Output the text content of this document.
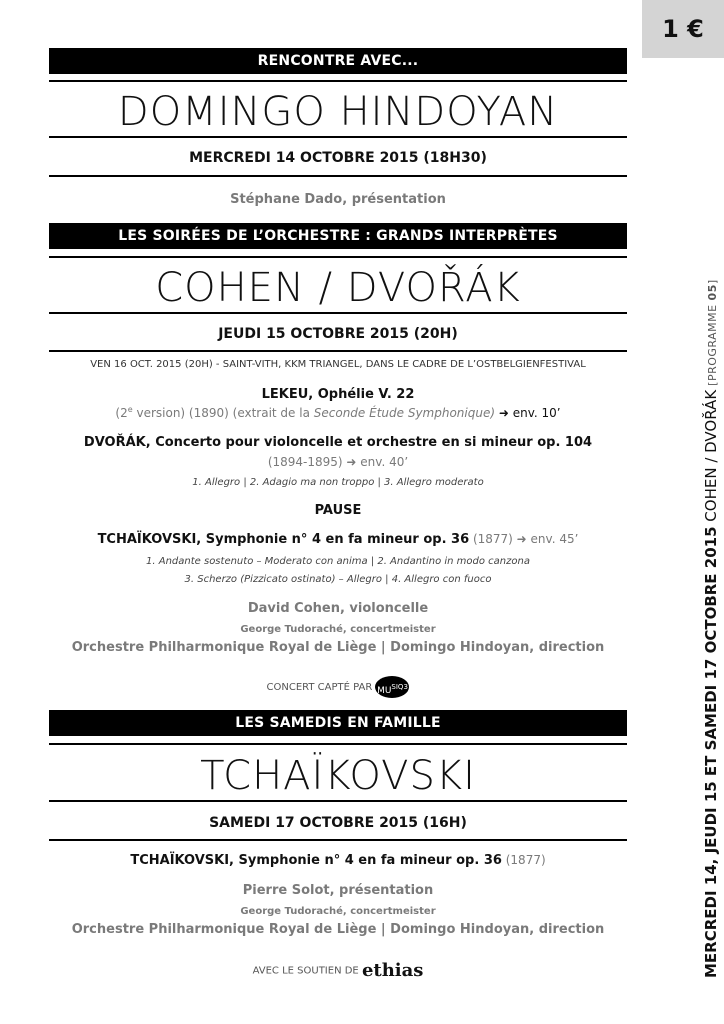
1 €
RENCONTRE AVEC...
DOMINGO HINDOYAN
MERCREDI 14 OCTOBRE 2015 (18H30)
Stéphane Dado, présentation
LES SOIRÉES DE L’ORCHESTRE : GRANDS INTERPRÈTES
COHEN / DVOŘÁK
JEUDI 15 OCTOBRE 2015 (20H)
VEN 16 OCT. 2015 (20H) - SAINT-VITH, KKM TRIANGEL, DANS LE CADRE DE L’OSTBELGIENFESTIVAL
LEKEU, Ophélie V. 22
(2e version) (1890) (extrait de la Seconde Étude Symphonique) ➜ env. 10’
DVOŘÁK, Concerto pour violoncelle et orchestre en si mineur op. 104
(1894-1895) ➜ env. 40’
1. Allegro | 2. Adagio ma non troppo | 3. Allegro moderato
PAUSE
TCHAÏKOVSKI, Symphonie n° 4 en fa mineur op. 36 (1877) ➜ env. 45’
1. Andante sostenuto – Moderato con anima | 2. Andantino in modo canzona
3. Scherzo (Pizzicato ostinato) – Allegro | 4. Allegro con fuoco
David Cohen, violoncelle
George Tudoraché, concertmeister
Orchestre Philharmonique Royal de Liège | Domingo Hindoyan, direction
CONCERT CAPTÉ PAR $MU^{SIQ3}$
LES SAMEDIS EN FAMILLE
TCHAÏKOVSKI
SAMEDI 17 OCTOBRE 2015 (16H)
TCHAÏKOVSKI, Symphonie n° 4 en fa mineur op. 36 (1877)
Pierre Solot, présentation
George Tudoraché, concertmeister
Orchestre Philharmonique Royal de Liège | Domingo Hindoyan, direction
AVEC LE SOUTIEN DE ethias	MERCREDI 14, JEUDI 15 ET SAMEDI 17 OCTOBRE 2015 COHEN / DVOŘÁK [PROGRAMME 05]
